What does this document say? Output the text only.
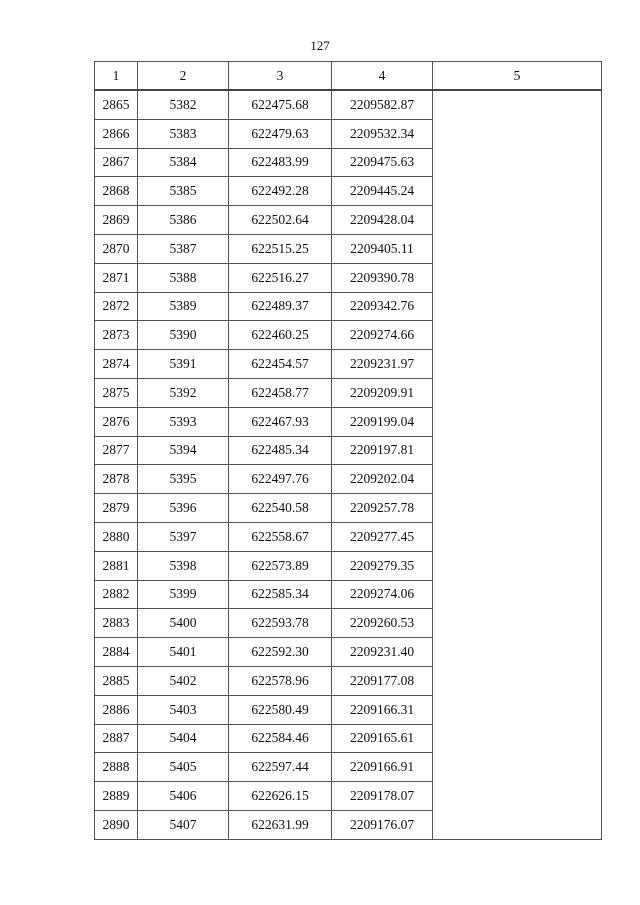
127
1	2	3	4	5
2865	5382	622475.68	2209582.87	
2866	5383	622479.63	2209532.34	
2867	5384	622483.99	2209475.63	
2868	5385	622492.28	2209445.24	
2869	5386	622502.64	2209428.04	
2870	5387	622515.25	2209405.11	
2871	5388	622516.27	2209390.78	
2872	5389	622489.37	2209342.76	
2873	5390	622460.25	2209274.66	
2874	5391	622454.57	2209231.97	
2875	5392	622458.77	2209209.91	
2876	5393	622467.93	2209199.04	
2877	5394	622485.34	2209197.81	
2878	5395	622497.76	2209202.04	
2879	5396	622540.58	2209257.78	
2880	5397	622558.67	2209277.45	
2881	5398	622573.89	2209279.35	
2882	5399	622585.34	2209274.06	
2883	5400	622593.78	2209260.53	
2884	5401	622592.30	2209231.40	
2885	5402	622578.96	2209177.08	
2886	5403	622580.49	2209166.31	
2887	5404	622584.46	2209165.61	
2888	5405	622597.44	2209166.91	
2889	5406	622626.15	2209178.07	
2890	5407	622631.99	2209176.07	
